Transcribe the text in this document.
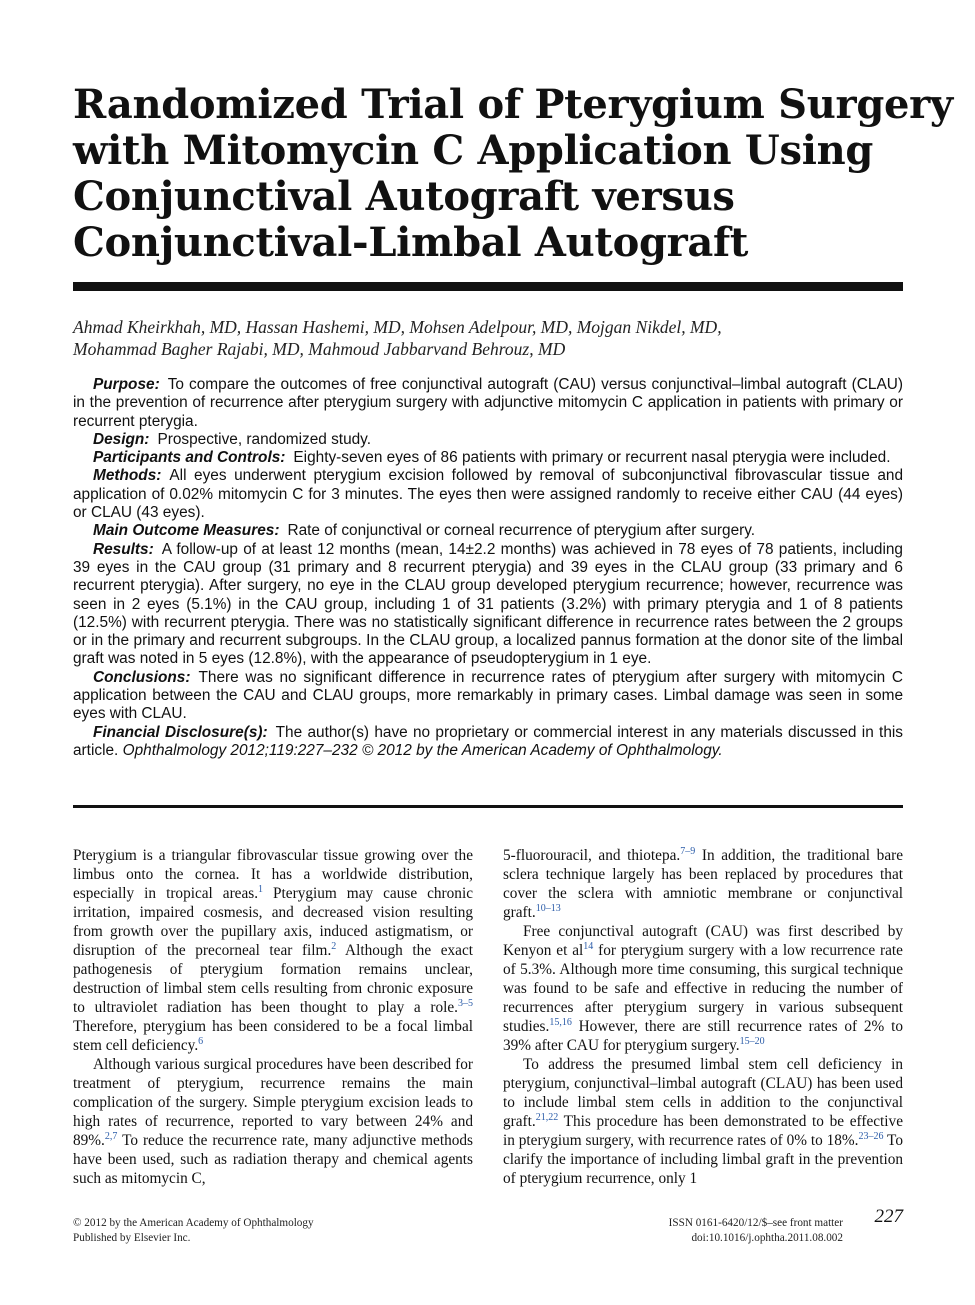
Randomized Trial of Pterygium Surgery
with Mitomycin C Application Using
Conjunctival Autograft versus
Conjunctival-Limbal Autograft
Ahmad Kheirkhah, MD, Hassan Hashemi, MD, Mohsen Adelpour, MD, Mojgan Nikdel, MD,
Mohammad Bagher Rajabi, MD, Mahmoud Jabbarvand Behrouz, MD

Purpose: To compare the outcomes of free conjunctival autograft (CAU) versus conjunctival–limbal autograft (CLAU) in the prevention of recurrence after pterygium surgery with adjunctive mitomycin C application in patients with primary or recurrent pterygia.

Design: Prospective, randomized study.

Participants and Controls: Eighty-seven eyes of 86 patients with primary or recurrent nasal pterygia were included.

Methods: All eyes underwent pterygium excision followed by removal of subconjunctival fibrovascular tissue and application of 0.02% mitomycin C for 3 minutes. The eyes then were assigned randomly to receive either CAU (44 eyes) or CLAU (43 eyes).

Main Outcome Measures: Rate of conjunctival or corneal recurrence of pterygium after surgery.

Results: A follow-up of at least 12 months (mean, 14±2.2 months) was achieved in 78 eyes of 78 patients, including 39 eyes in the CAU group (31 primary and 8 recurrent pterygia) and 39 eyes in the CLAU group (33 primary and 6 recurrent pterygia). After surgery, no eye in the CLAU group developed pterygium recurrence; however, recurrence was seen in 2 eyes (5.1%) in the CAU group, including 1 of 31 patients (3.2%) with primary pterygia and 1 of 8 patients (12.5%) with recurrent pterygia. There was no statistically significant difference in recurrence rates between the 2 groups or in the primary and recurrent subgroups. In the CLAU group, a localized pannus formation at the donor site of the limbal graft was noted in 5 eyes (12.8%), with the appearance of pseudopterygium in 1 eye.

Conclusions: There was no significant difference in recurrence rates of pterygium after surgery with mitomycin C application between the CAU and CLAU groups, more remarkably in primary cases. Limbal damage was seen in some eyes with CLAU.

Financial Disclosure(s): The author(s) have no proprietary or commercial interest in any materials discussed in this article. Ophthalmology 2012;119:227–232 © 2012 by the American Academy of Ophthalmology.

Pterygium is a triangular fibrovascular tissue growing over the limbus onto the cornea. It has a worldwide distribution, especially in tropical areas.$^1$ Pterygium may cause chronic irritation, impaired cosmesis, and decreased vision resulting from growth over the pupillary axis, induced astigmatism, or disruption of the precorneal tear film.$^2$ Although the exact pathogenesis of pterygium formation remains unclear, destruction of limbal stem cells resulting from chronic exposure to ultraviolet radiation has been thought to play a role.$^{3-5}$ Therefore, pterygium has been considered to be a focal limbal stem cell deficiency.$^6$

Although various surgical procedures have been described for treatment of pterygium, recurrence remains the main complication of the surgery. Simple pterygium excision leads to high rates of recurrence, reported to vary between 24% and 89%.$^{2,7}$ To reduce the recurrence rate, many adjunctive methods have been used, such as radiation therapy and chemical agents such as mitomycin C,

5-fluorouracil, and thiotepa.$^{7-9}$ In addition, the traditional bare sclera technique largely has been replaced by procedures that cover the sclera with amniotic membrane or conjunctival graft.$^{10-13}$

Free conjunctival autograft (CAU) was first described by Kenyon et $al^{14}$ for pterygium surgery with a low recurrence rate of 5.3%. Although more time consuming, this surgical technique was found to be safe and effective in reducing the number of recurrences after pterygium surgery in various subsequent studies.$^{15,16}$ However, there are still recurrence rates of 2% to 39% after CAU for pterygium surgery.$^{15-20}$

To address the presumed limbal stem cell deficiency in pterygium, conjunctival–limbal autograft (CLAU) has been used to include limbal stem cells in addition to the conjunctival graft.$^{21,22}$ This procedure has been demonstrated to be effective in pterygium surgery, with recurrence rates of 0% to 18%.$^{23-26}$ To clarify the importance of including limbal graft in the prevention of pterygium recurrence, only 1

© 2012 by the American Academy of Ophthalmology
Published by Elsevier Inc.
ISSN 0161-6420/12/$–see front matter
doi:10.1016/j.ophtha.2011.08.002
227
